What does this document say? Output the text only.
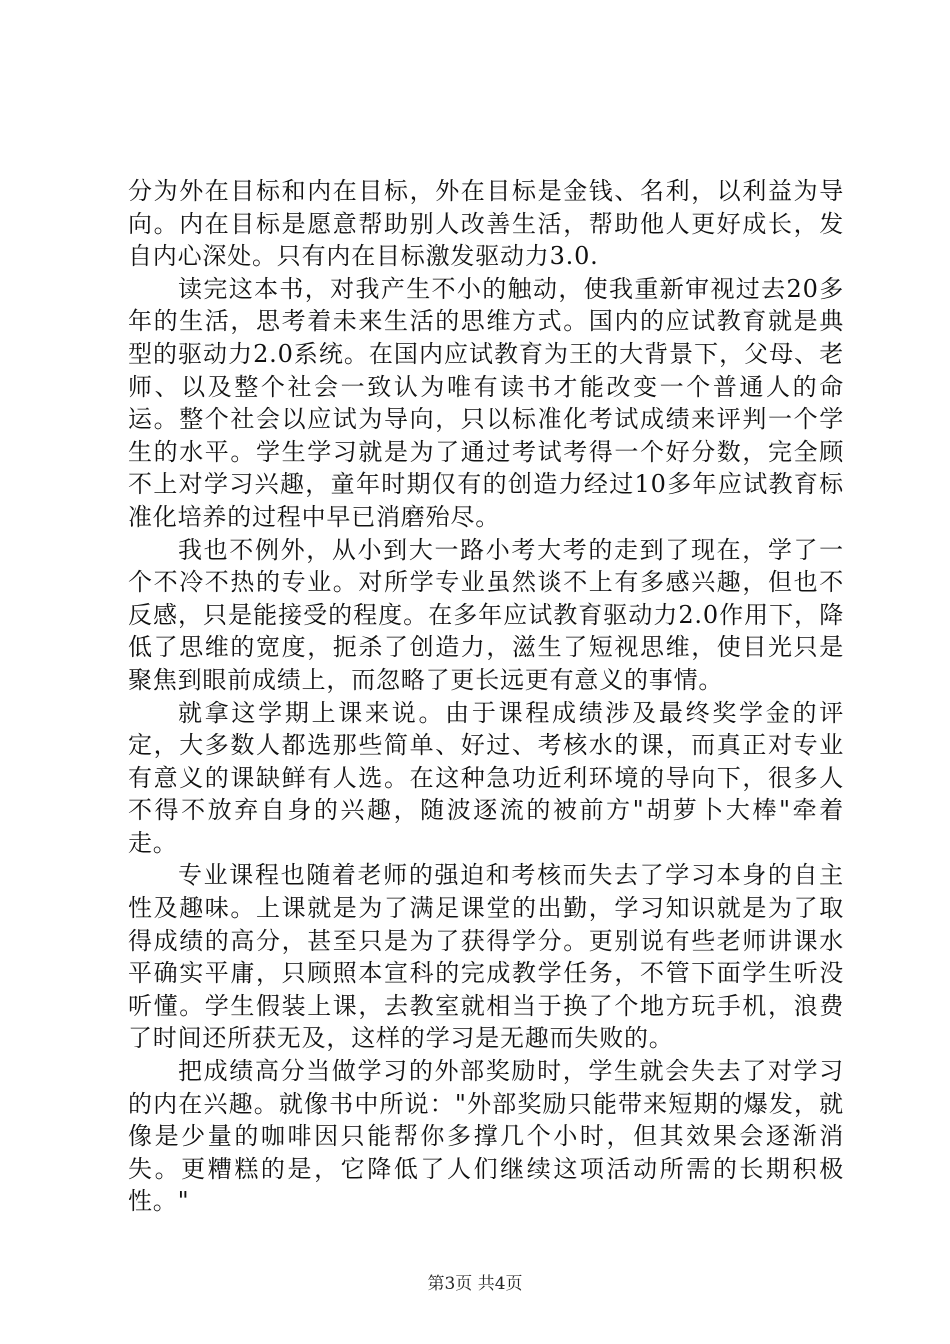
分为外在目标和内在目标，外在目标是金钱、名利，以利益为导向。内在目标是愿意帮助别人改善生活，帮助他人更好成长，发自内心深处。只有内在目标激发驱动力3.0.

读完这本书，对我产生不小的触动，使我重新审视过去20多年的生活，思考着未来生活的思维方式。国内的应试教育就是典型的驱动力2.0系统。在国内应试教育为王的大背景下，父母、老师、以及整个社会一致认为唯有读书才能改变一个普通人的命运。整个社会以应试为导向，只以标准化考试成绩来评判一个学生的水平。学生学习就是为了通过考试考得一个好分数，完全顾不上对学习兴趣，童年时期仅有的创造力经过10多年应试教育标准化培养的过程中早已消磨殆尽。

我也不例外，从小到大一路小考大考的走到了现在，学了一个不冷不热的专业。对所学专业虽然谈不上有多感兴趣，但也不反感，只是能接受的程度。在多年应试教育驱动力2.0作用下，降低了思维的宽度，扼杀了创造力，滋生了短视思维，使目光只是聚焦到眼前成绩上，而忽略了更长远更有意义的事情。

就拿这学期上课来说。由于课程成绩涉及最终奖学金的评定，大多数人都选那些简单、好过、考核水的课，而真正对专业有意义的课缺鲜有人选。在这种急功近利环境的导向下，很多人不得不放弃自身的兴趣，随波逐流的被前方"胡萝卜大棒"牵着走。

专业课程也随着老师的强迫和考核而失去了学习本身的自主性及趣味。上课就是为了满足课堂的出勤，学习知识就是为了取得成绩的高分，甚至只是为了获得学分。更别说有些老师讲课水平确实平庸，只顾照本宣科的完成教学任务，不管下面学生听没听懂。学生假装上课，去教室就相当于换了个地方玩手机，浪费了时间还所获无及，这样的学习是无趣而失败的。

把成绩高分当做学习的外部奖励时，学生就会失去了对学习的内在兴趣。就像书中所说："外部奖励只能带来短期的爆发，就像是少量的咖啡因只能帮你多撑几个小时，但其效果会逐渐消失。更糟糕的是，它降低了人们继续这项活动所需的长期积极性。"

第3页 共4页
